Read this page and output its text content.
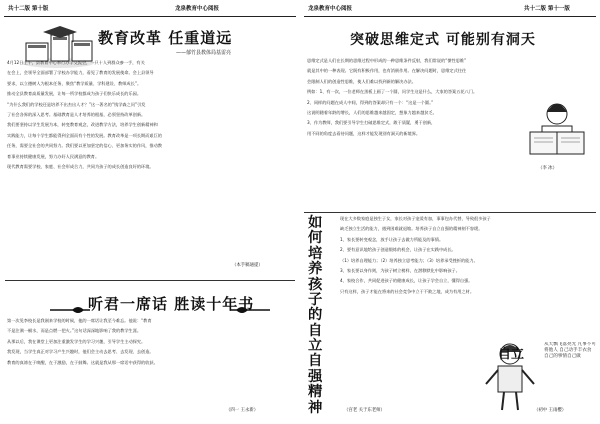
共十二版 第十版	龙泉教育中心阅报
教育改革 任重道远
——郁竹县教体局基雷亮
4月12日上午，县教育中心举行办学交流会，一只十人到群众参一手，有关

在会上，会领导全面部署了学校办学能力，看见了教育的发展使命。会上县领导

要求，以立德树人为根本任务，聚焦“教学质量、学科建设、教师成长”。

推动全县教育高质量发展，让每一所学校都成为孩子们快乐成长的乐园。

“为什么我们的学校还是培养不出杰出人才？”这一著名的“钱学森之问”引发

了社会各界的深入思考。基础教育是人才培养的根基，必须坚持改革创新。

我们要坚持以学生发展为本，转变教育观念，改进教学方法，培养学生创新精神和

实践能力，让每个学生都能得到全面而有个性的发展。教育改革是一项长期而艰巨的

任务，需要全社会的共同努力。我们要以更加坚定的信心、更加务实的作风，推动教

育事业持续健康发展，努力办好人民满意的教育。

现代教育需要学校、家庭、社会形成合力，共同为孩子的成长创造良好的环境。
（本手稿通提）
听君一席话 胜读十年书
第一次见李校长是我刚来学校的时候，他的一席话让我至今难忘。他说：“教育

不是注满一桶水，而是点燃一把火。”这句话深深地影响了我的教学生涯。

从那以后，我在课堂上更加注重激发学生的学习兴趣，引导学生主动探究。

我发现，当学生真正对学习产生兴趣时，他们会主动去思考、去发现、去创造。

教育的真谛在于唤醒，在于激励，在于鼓舞。这就是我从那一席话中获得的收获。
（四一 王永新）
龙泉教育中心阅报	共十二版 第十一版
突破思维定式 可能别有洞天
思维定式是人们在长期的思维过程中形成的一种思维条件反射，我们常说的“惯性思维”

就是其中的一种表现。它既有积极作用，也有消极作用。在解决问题时，思维定式往往

会限制人们的创造性思维，使人们难以找到新的解决办法。

例如：1、有一次，一位老师在黑板上画了一个圆，问学生这是什么，大家的答案五花八门。

2、同样的问题在成人中间，得到的答案却只有一个：“这是一个圆。”

这说明随着年龄的增长，人们的思维越来越固定，想象力越来越贫乏。

3、作为教师，我们要引导学生打破思维定式，敢于质疑，勇于创新，

用不同的角度去看待问题，这样才能发现别有洞天的新境界。
（李 冰）
如
何
培
养
孩
子
的
自
立
自
强
精
神
现在大多数家庭是独生子女，家长对孩子宠爱有加，事事包办代替，导致很多孩子

缺乏独立生活的能力，遇到困难就退缩。培养孩子自立自强的精神刻不容缓。

1、家长要转变观念，放手让孩子去做力所能及的事情。

2、要有意识地给孩子创造锻炼的机会，让孩子在实践中成长。

（1）培养自理能力；（2）培养独立思考能力；（3）培养承受挫折的能力。

3、家长要以身作则，为孩子树立榜样，在潜移默化中影响孩子。

4、家校合作，共同促进孩子的健康成长，让孩子学会自立，懂得自强。

只有这样，孩子才能在将来的社会竞争中立于不败之地，成为有用之材。
自立
从天飘飞落亮光 凡事不可将他人 自己动手丰衣食 自己的事情自己做
（初中 王雨樱）
（宫老 关于东老师）
